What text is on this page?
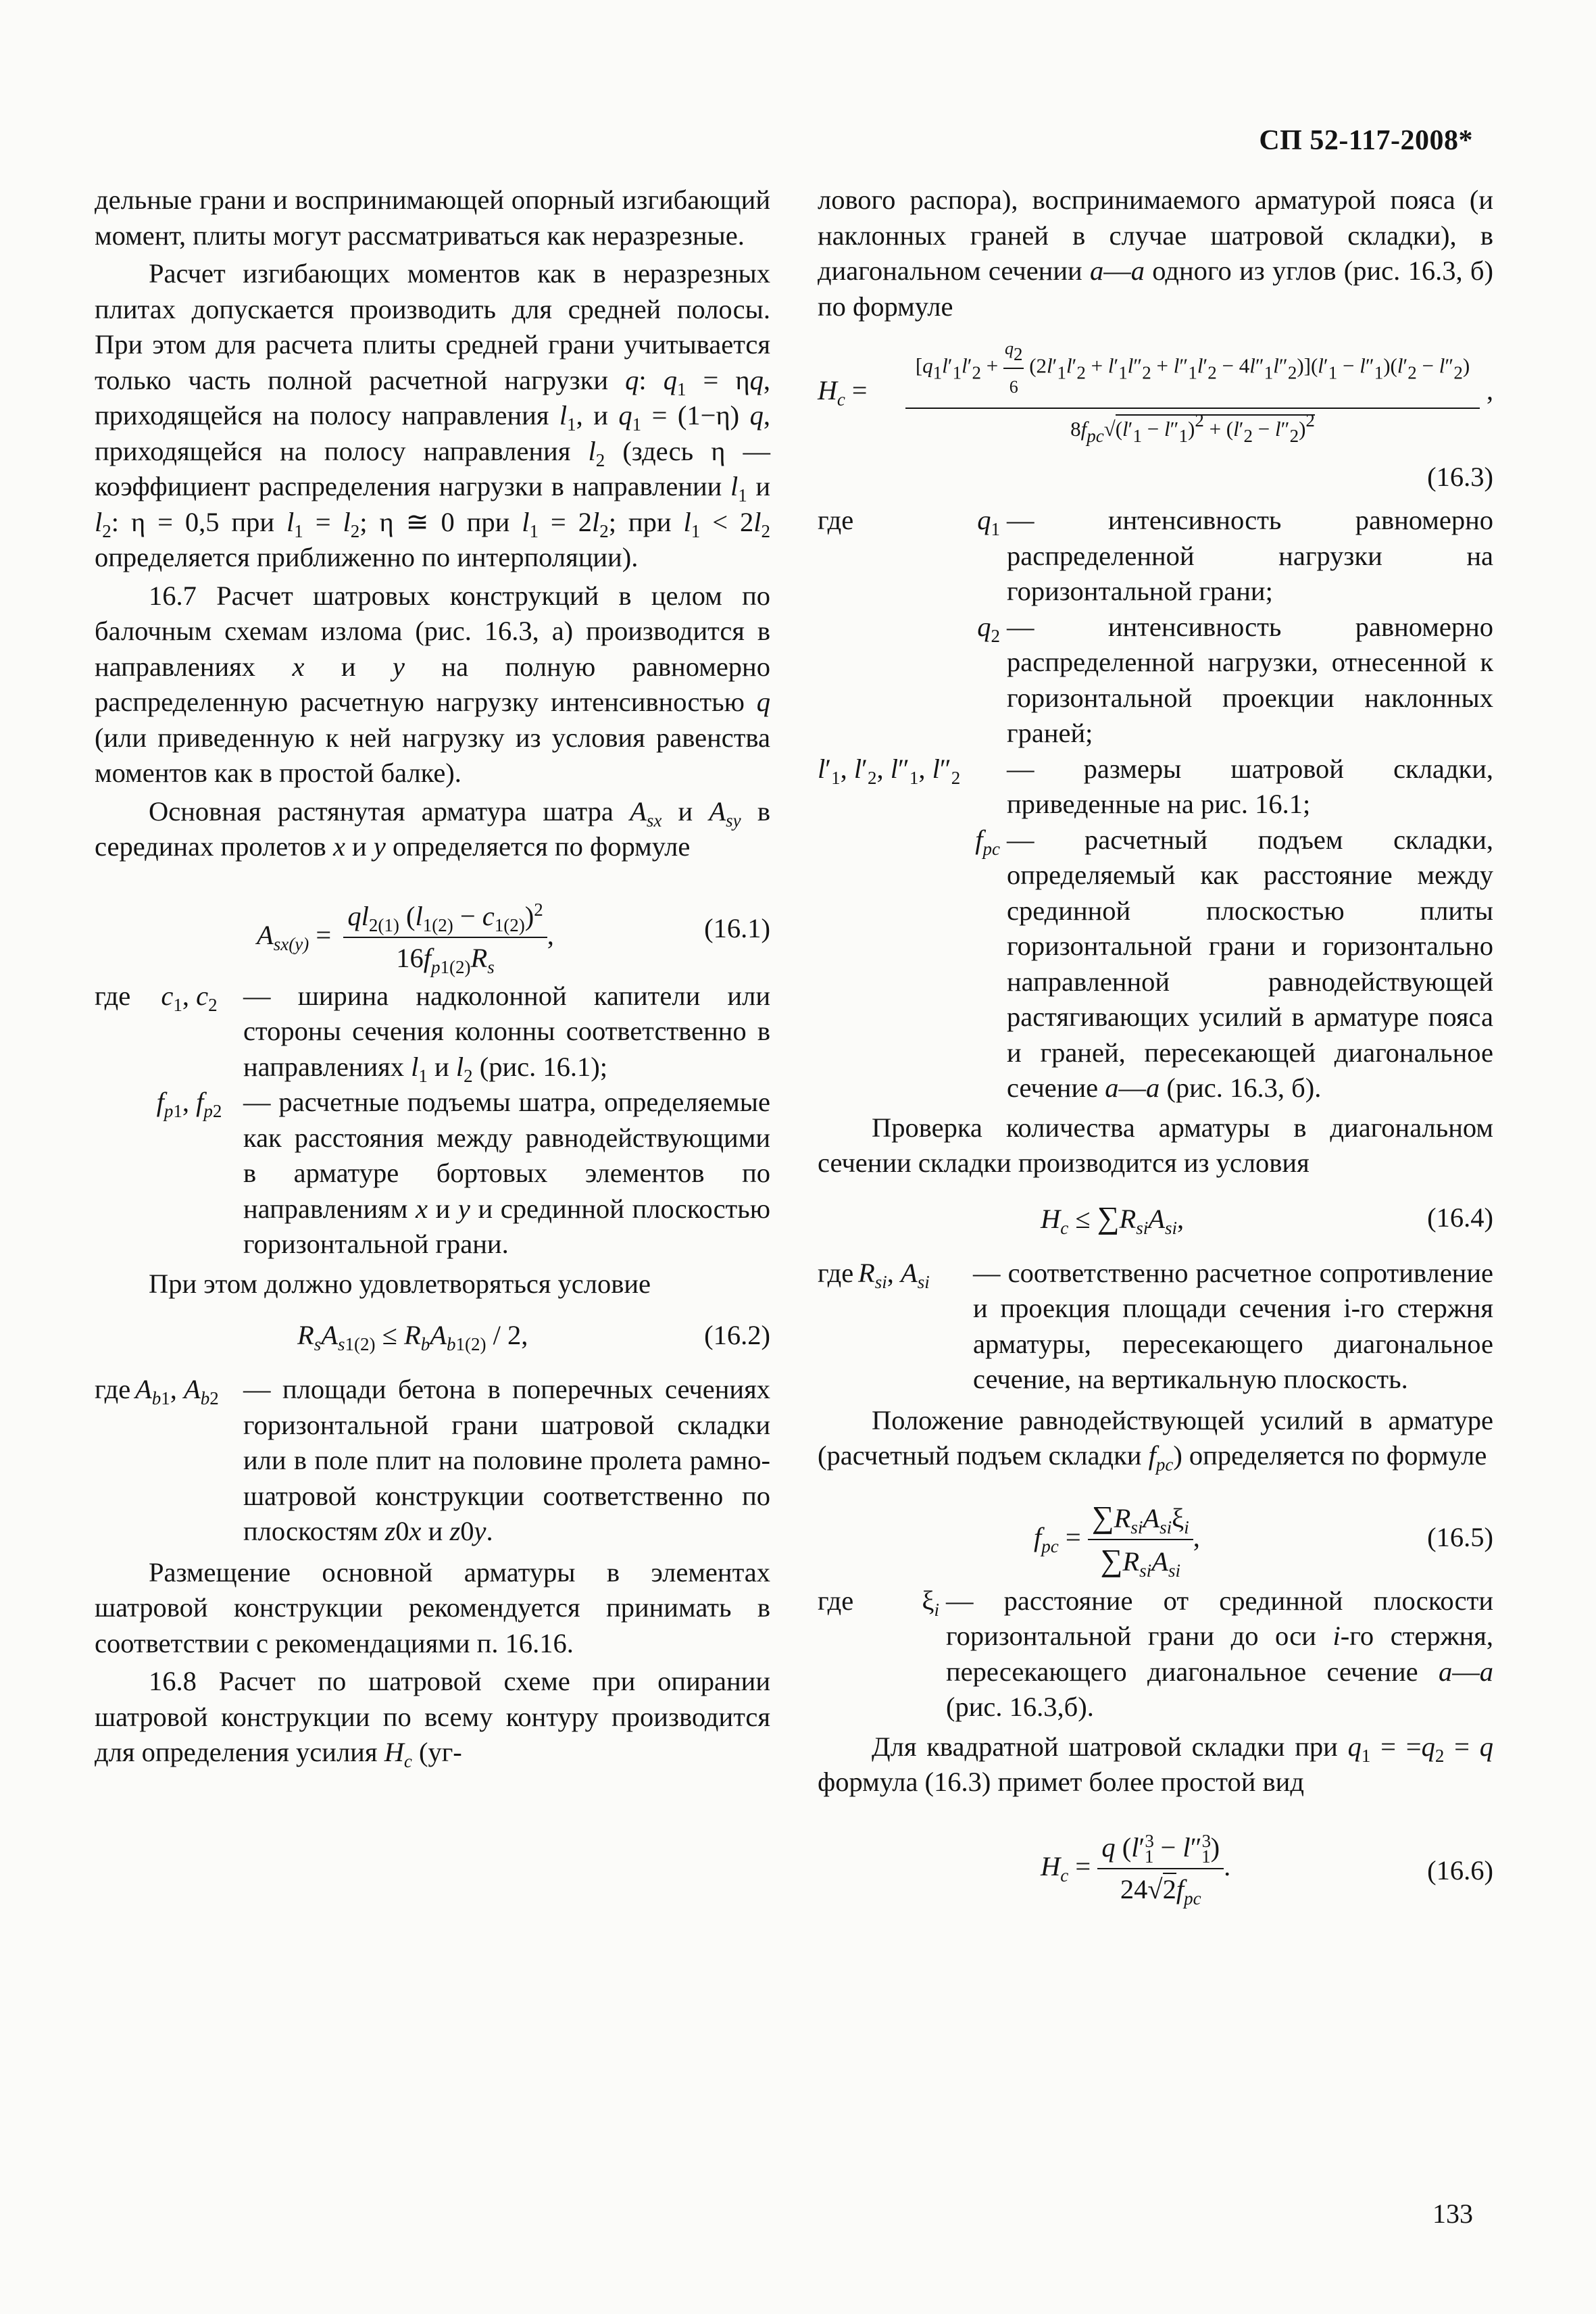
СП 52-117-2008*

дельные грани и воспринимающей опорный изгибающий момент, плиты могут рассматриваться как неразрезные.

Расчет изгибающих моментов как в неразрезных плитах допускается производить для средней полосы. При этом для расчета плиты средней грани учитывается только часть полной расчетной нагрузки q: $q_1 = \eta q$, приходящейся на полосу направления $l_1$, и $q_1 = (1-\eta)$ q, приходящейся на полосу направления $l_2$ (здесь η — коэффициент распределения нагрузки в направлении $l_1$ и $l_2$: η = 0,5 при $l_1 = l_2$; η ≅ 0 при $l_1 = 2l_2$; при $l_1 < 2l_2$ определяется приближенно по интерполяции).

16.7 Расчет шатровых конструкций в целом по балочным схемам излома (рис. 16.3, а) производится в направлениях x и y на полную равномерно распределенную расчетную нагрузку интенсивностью q (или приведенную к ней нагрузку из условия равенства моментов как в простой балке).

Основная растянутая арматура шатра $A_{sx}$ и $A_{sy}$ в серединах пролетов x и y определяется по формуле

$A_{sx(y)} = \frac{ql_{2(1)} (l_{1(2)} - c_{1(2)})^2}{16f_{p1(2)}R_s}$ ,	(16.1)
где	$c_1$, $c_2$ — ширина надколонной капители или стороны сечения колонны соответственно в направлениях $l_1$ и $l_2$ (рис. 16.1);
$f_{p1}$, $f_{p2}$ — расчетные подъемы шатра, определяемые как расстояния между равнодействующими в арматуре бортовых элементов по направлениям x и y и срединной плоскостью горизонтальной грани.

При этом должно удовлетворяться условие

$R_sA_{s1(2)} \le R_bA_{b1(2)} / 2$,	(16.2)
где $A_{b1}$, $A_{b2}$ — площади бетона в поперечных сечениях горизонтальной грани шатровой складки или в поле плит на половине пролета рамно-шатровой конструкции соответственно по плоскостям z0x и z0y.

Размещение основной арматуры в элементах шатровой конструкции рекомендуется принимать в соответствии с рекомендациями п. 16.16.

16.8 Расчет по шатровой схеме при опирании шатровой конструкции по всему контуру производится для определения усилия $H_c$ (уг-

лового распора), воспринимаемого арматурой пояса (и наклонных граней в случае шатровой складки), в диагональном сечении a—a одного из углов (рис. 16.3, б) по формуле

$H_c$ =
$[q_1l'_1l'_2 + \frac{q_2}{6} (2l'_1l'_2 + l'_1l''_2 + l''_1l'_2 - 4l''_1l''_2)](l'_1 - l''_1)(l'_2 - l''_2)$
$8f_{pc}√(l'_1 - l''_1)^2 + (l'_2 - l''_2)^2$
,
(16.3)
где	$q_1$ — интенсивность равномерно распределенной нагрузки на горизонтальной грани;
$q_2$ — интенсивность равномерно распределенной нагрузки, отнесенной к горизонтальной проекции наклонных граней;
$l'_1$, $l'_2$, $l''_1$, $l''_2$	— размеры шатровой складки, приведенные на рис. 16.1;
$f_{pc}$ — расчетный подъем складки, определяемый как расстояние между срединной плоскостью плиты горизонтальной грани и горизонтально направленной равнодействующей растягивающих усилий в арматуре пояса и граней, пересекающей диагональное сечение a—a (рис. 16.3, б).

Проверка количества арматуры в диагональном сечении складки производится из условия

$H_c \le \sum R_{si}A_{si}$,	(16.4)
где $R_{si}$, $A_{si}$	— соответственно расчетное сопротивление и проекция площади сечения i-го стержня арматуры, пересекающего диагональное сечение, на вертикальную плоскость.

Положение равнодействующей усилий в арматуре (расчетный подъем складки $f_{pc}$) определяется по формуле

$f_{pc} = \frac{\sum R_{si}A_{si}\xi_i}{\sum R_{si}A_{si}}$ ,	(16.5)
где	$\xi_i$ — расстояние от срединной плоскости горизонтальной грани до оси i-го стержня, пересекающего диагональное сечение a—a (рис. 16.3,б).

Для квадратной шатровой складки при $q_1 = =q_2 = q$ формула (16.3) примет более простой вид

$H_c = \frac{q (l'^3_1 - l''^3_1)}{24√2f_{pc}}$ .	(16.6)
133
